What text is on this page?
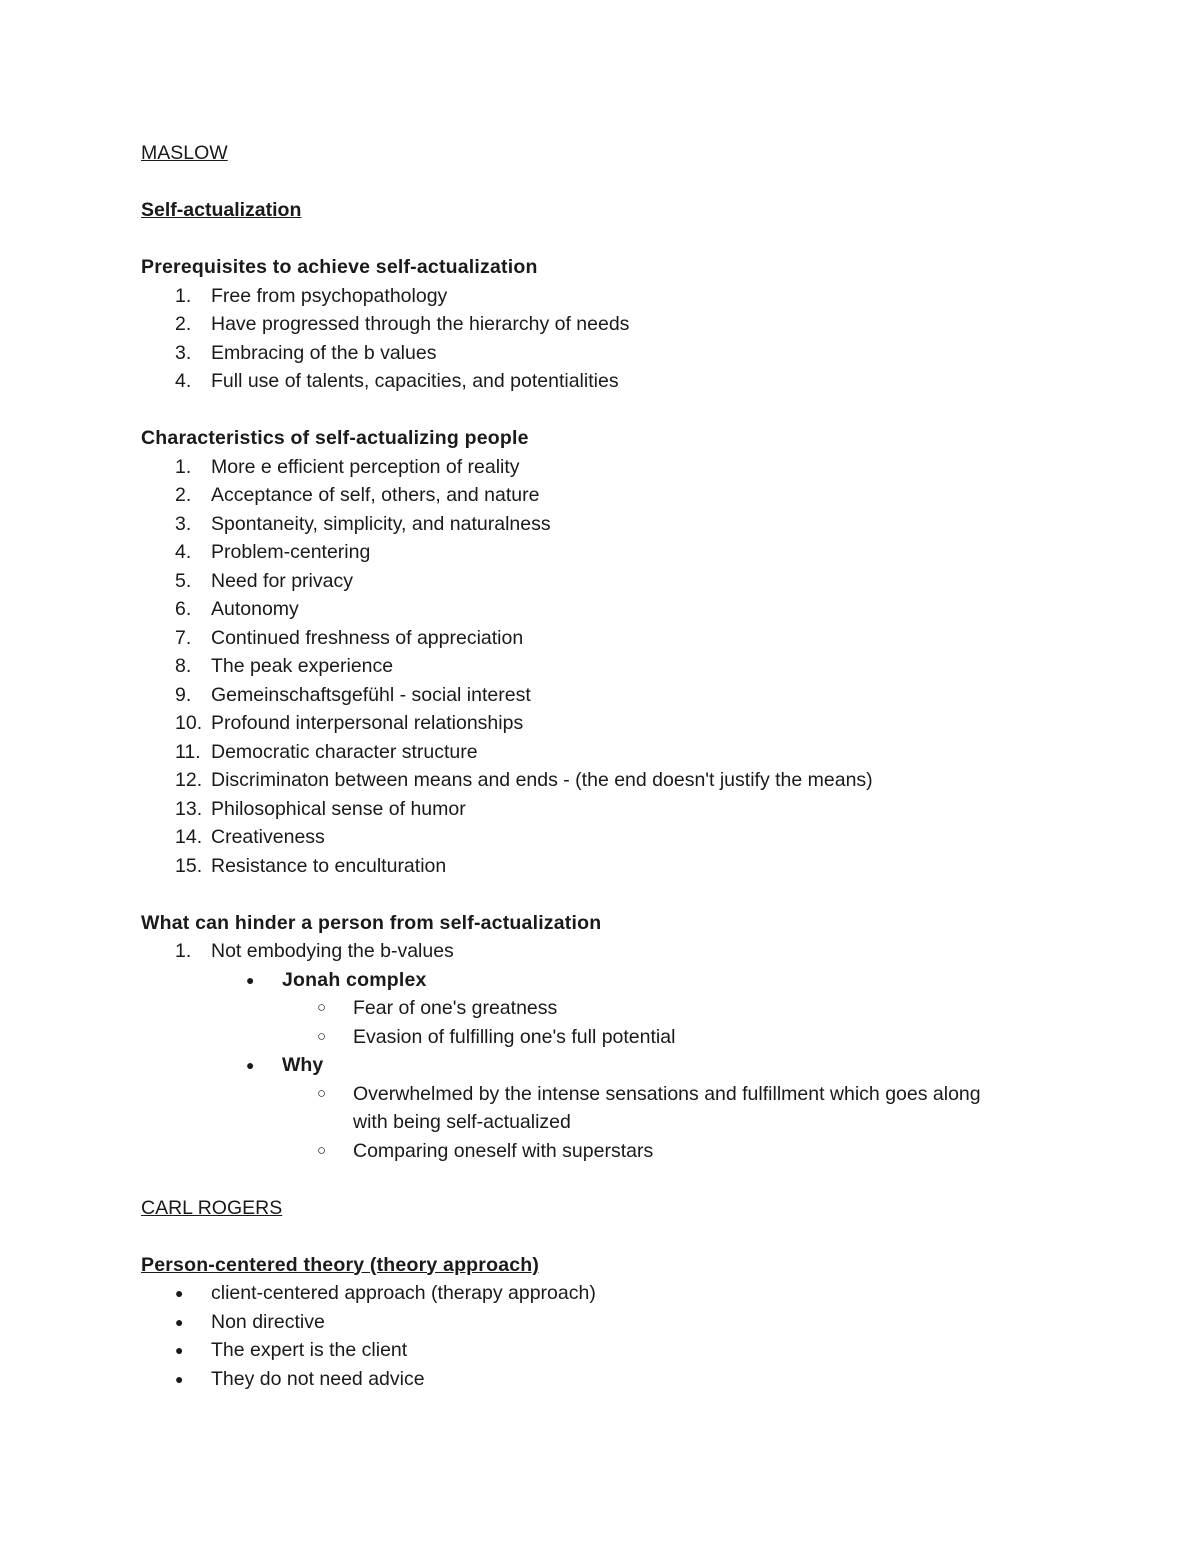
MASLOW
Self-actualization
Prerequisites to achieve self-actualization
1. Free from psychopathology
2. Have progressed through the hierarchy of needs
3. Embracing of the b values
4. Full use of talents, capacities, and potentialities
Characteristics of self-actualizing people
1. More e efficient perception of reality
2. Acceptance of self, others, and nature
3. Spontaneity, simplicity, and naturalness
4. Problem-centering
5. Need for privacy
6. Autonomy
7. Continued freshness of appreciation
8. The peak experience
9. Gemeinschaftsgefühl - social interest
10. Profound interpersonal relationships
11. Democratic character structure
12. Discriminaton between means and ends - (the end doesn't justify the means)
13. Philosophical sense of humor
14. Creativeness
15. Resistance to enculturation
What can hinder a person from self-actualization
1. Not embodying the b-values
● Jonah complex
○ Fear of one's greatness
○ Evasion of fulfilling one's full potential
● Why
○ Overwhelmed by the intense sensations and fulfillment which goes along
with being self-actualized
○ Comparing oneself with superstars
CARL ROGERS
Person-centered theory (theory approach)
● client-centered approach (therapy approach)
● Non directive
● The expert is the client
● They do not need advice
